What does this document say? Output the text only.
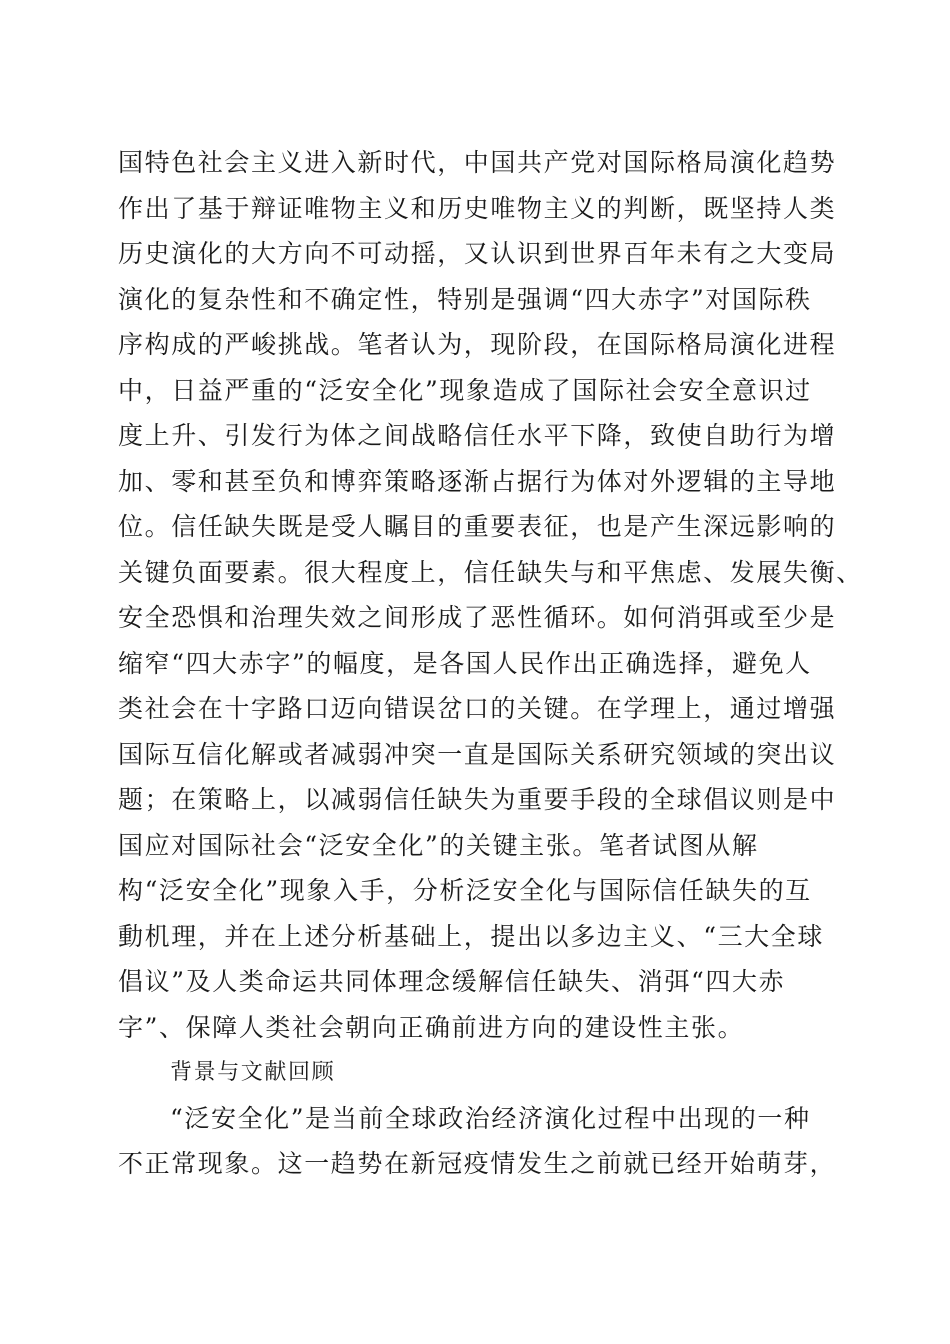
国特色社会主义进入新时代，中国共产党对国际格局演化趋势
作出了基于辩证唯物主义和历史唯物主义的判断，既坚持人类
历史演化的大方向不可动摇，又认识到世界百年未有之大变局
演化的复杂性和不确定性，特别是强调“四大赤字”对国际秩
序构成的严峻挑战。笔者认为，现阶段，在国际格局演化进程
中，日益严重的“泛安全化”现象造成了国际社会安全意识过
度上升、引发行为体之间战略信任水平下降，致使自助行为增
加、零和甚至负和博弈策略逐渐占据行为体对外逻辑的主导地
位。信任缺失既是受人瞩目的重要表征，也是产生深远影响的
关键负面要素。很大程度上，信任缺失与和平焦虑、发展失衡、
安全恐惧和治理失效之间形成了恶性循环。如何消弭或至少是
缩窄“四大赤字”的幅度，是各国人民作出正确选择，避免人
类社会在十字路口迈向错误岔口的关键。在学理上，通过增强
国际互信化解或者减弱冲突一直是国际关系研究领域的突出议
题；在策略上，以减弱信任缺失为重要手段的全球倡议则是中
国应对国际社会“泛安全化”的关键主张。笔者试图从解
构“泛安全化”现象入手，分析泛安全化与国际信任缺失的互
動机理，并在上述分析基础上，提出以多边主义、“三大全球
倡议”及人类命运共同体理念缓解信任缺失、消弭“四大赤
字”、保障人类社会朝向正确前进方向的建设性主张。
背景与文献回顾
“泛安全化”是当前全球政治经济演化过程中出现的一种
不正常现象。这一趋势在新冠疫情发生之前就已经开始萌芽，
